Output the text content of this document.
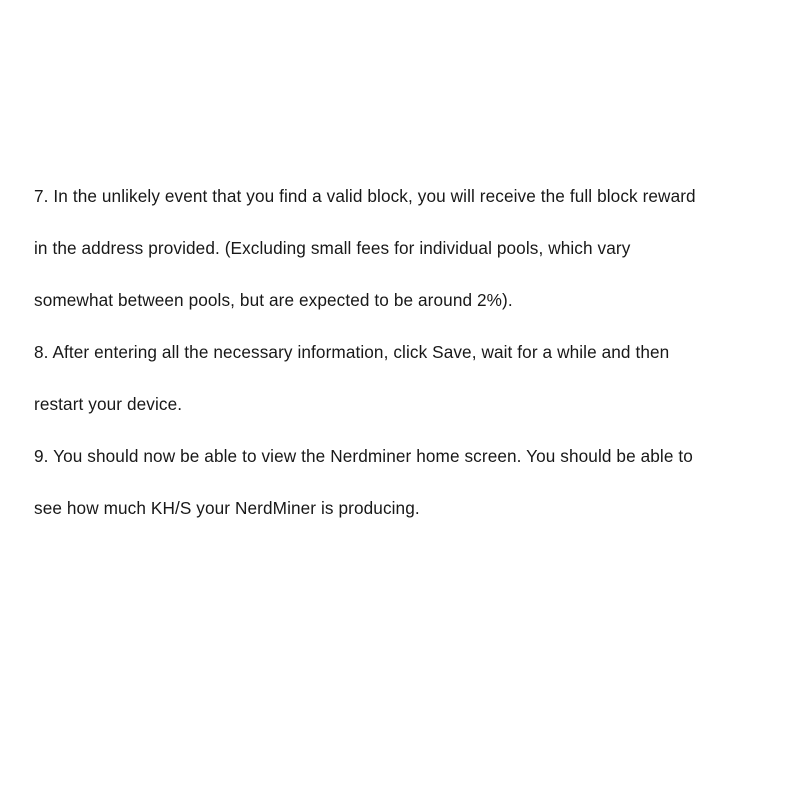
7. In the unlikely event that you find a valid block, you will receive the full block reward
in the address provided. (Excluding small fees for individual pools, which vary
somewhat between pools, but are expected to be around 2%).
8. After entering all the necessary information, click Save, wait for a while and then
restart your device.
9. You should now be able to view the Nerdminer home screen. You should be able to
see how much KH/S your NerdMiner is producing.
